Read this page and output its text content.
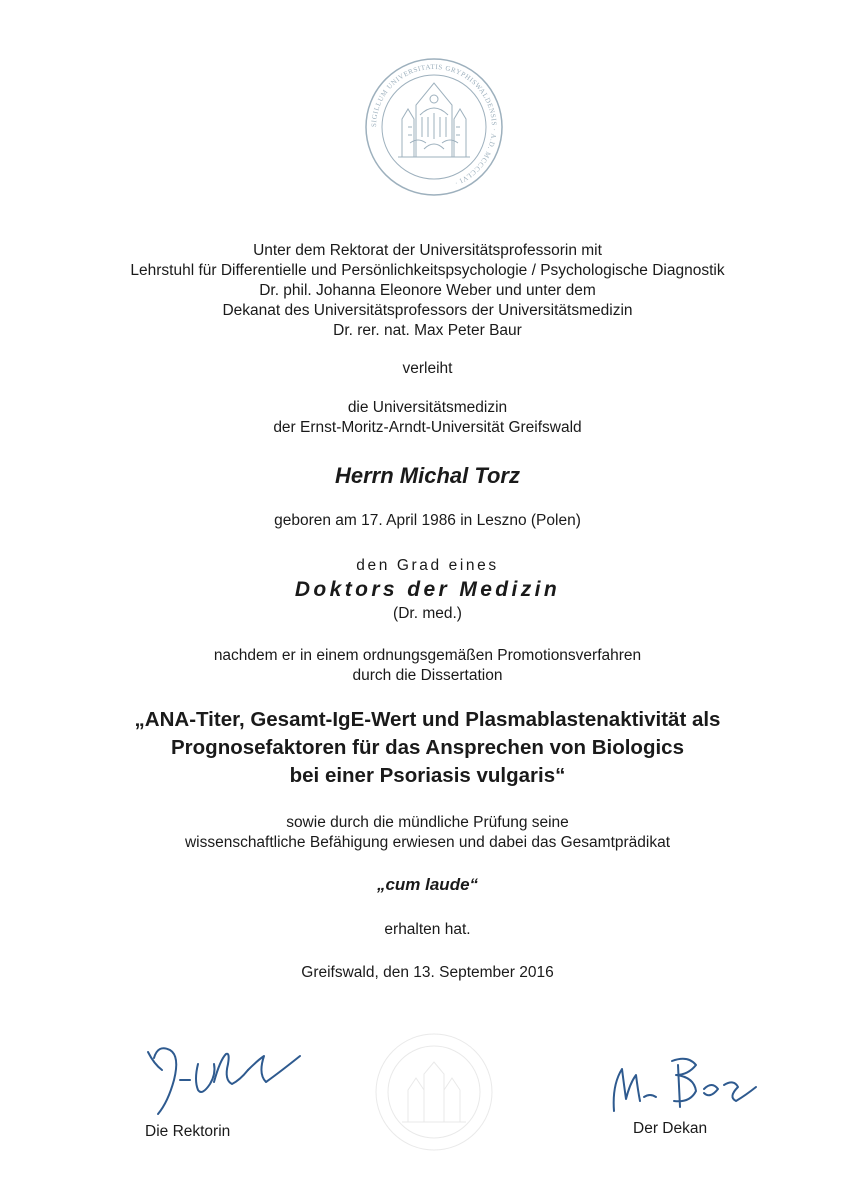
SIGILLUM UNIVERSITATIS GRYPHISWALDENSIS · A.D. MCCCCLVI ·
Unter dem Rektorat der Universitätsprofessorin mit
Lehrstuhl für Differentielle und Persönlichkeitspsychologie / Psychologische Diagnostik
Dr. phil. Johanna Eleonore Weber und unter dem
Dekanat des Universitätsprofessors der Universitätsmedizin
Dr. rer. nat. Max Peter Baur
verleiht
die Universitätsmedizin
der Ernst-Moritz-Arndt-Universität Greifswald
Herrn Michal Torz
geboren am 17. April 1986 in Leszno (Polen)
den Grad eines
Doktors der Medizin
(Dr. med.)
nachdem er in einem ordnungsgemäßen Promotionsverfahren
durch die Dissertation
„ANA-Titer, Gesamt-IgE-Wert und Plasmablastenaktivität als
Prognosefaktoren für das Ansprechen von Biologics
bei einer Psoriasis vulgaris“
sowie durch die mündliche Prüfung seine
wissenschaftliche Befähigung erwiesen und dabei das Gesamtprädikat
„cum laude“
erhalten hat.
Greifswald, den 13. September 2016
Die Rektorin	Der Dekan
